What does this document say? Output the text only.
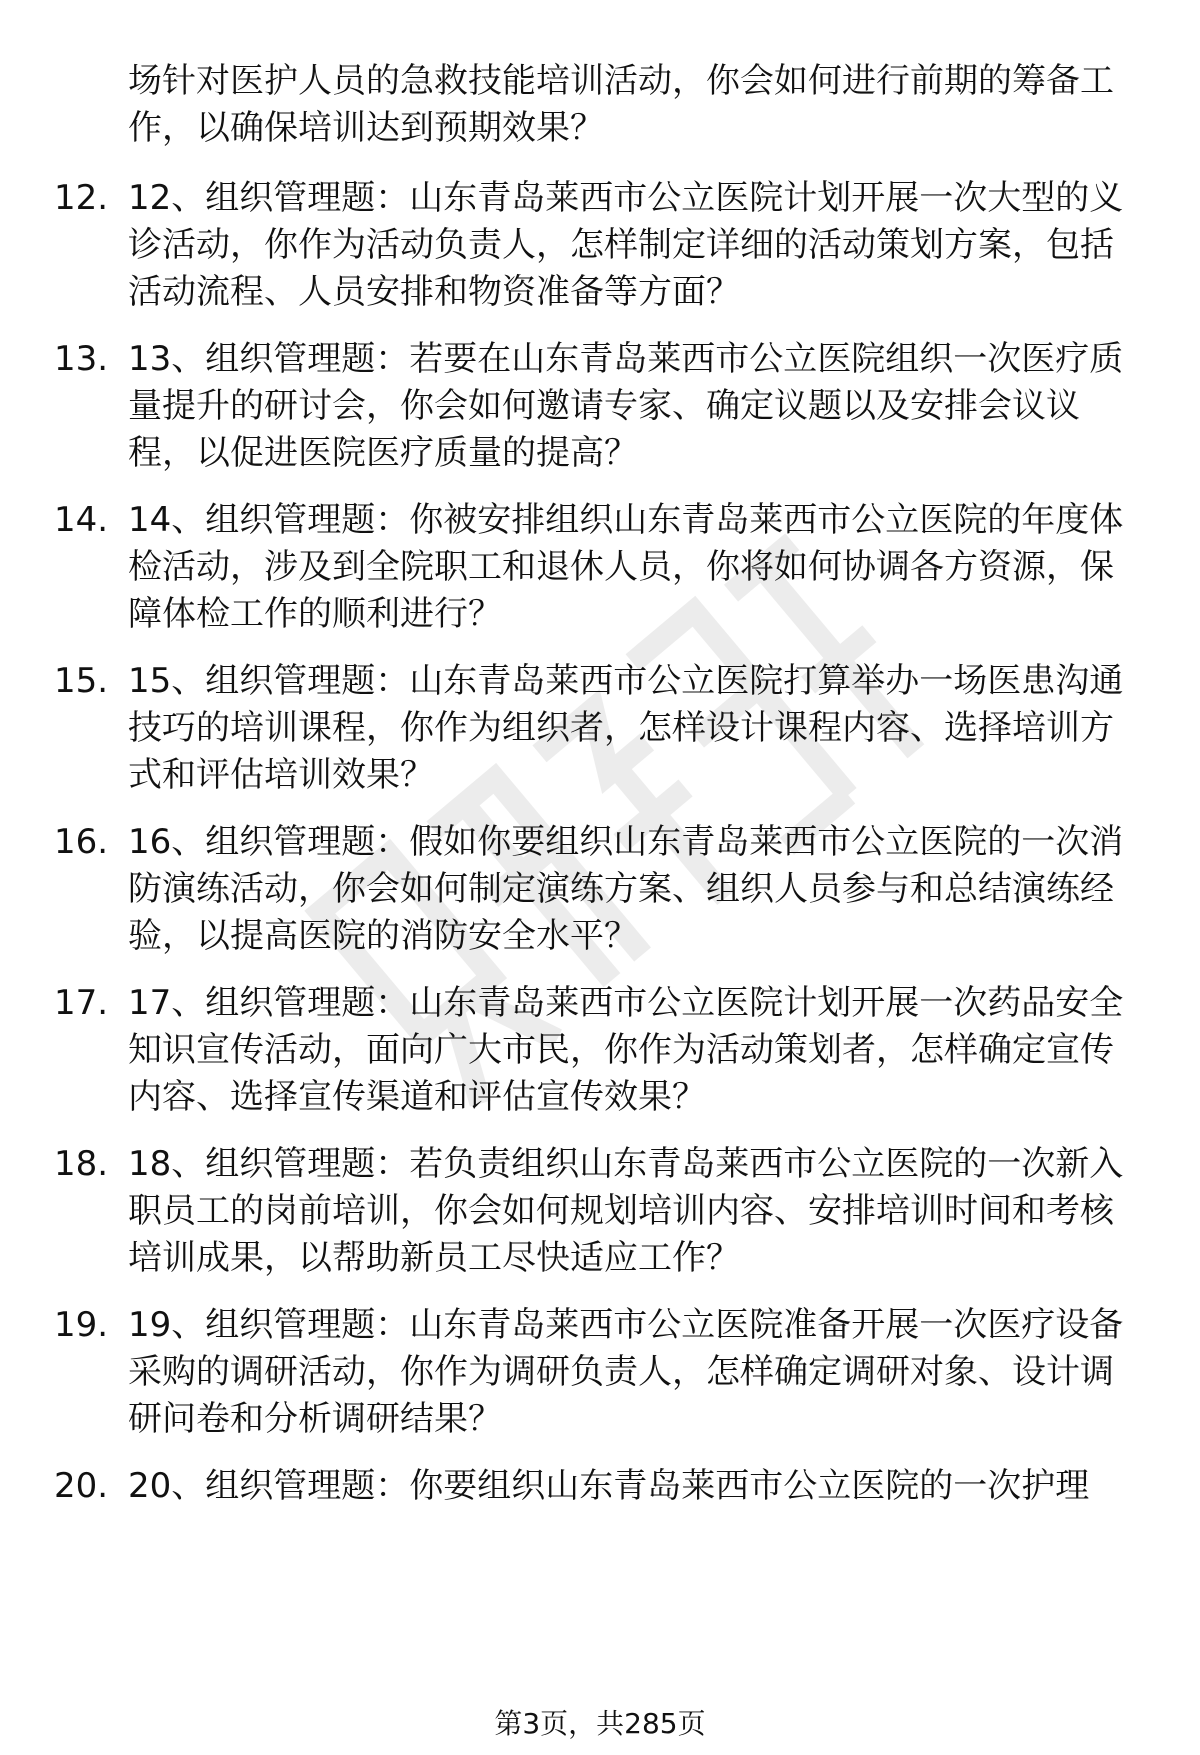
场针对医护人员的急救技能培训活动，你会如何进行前期的筹备工作，以确保培训达到预期效果？

12. 12、组织管理题：山东青岛莱西市公立医院计划开展一次大型的义诊活动，你作为活动负责人，怎样制定详细的活动策划方案，包括活动流程、人员安排和物资准备等方面？

13. 13、组织管理题：若要在山东青岛莱西市公立医院组织一次医疗质量提升的研讨会，你会如何邀请专家、确定议题以及安排会议议程，以促进医院医疗质量的提高？

14. 14、组织管理题：你被安排组织山东青岛莱西市公立医院的年度体检活动，涉及到全院职工和退休人员，你将如何协调各方资源，保障体检工作的顺利进行？

15. 15、组织管理题：山东青岛莱西市公立医院打算举办一场医患沟通技巧的培训课程，你作为组织者，怎样设计课程内容、选择培训方式和评估培训效果？

16. 16、组织管理题：假如你要组织山东青岛莱西市公立医院的一次消防演练活动，你会如何制定演练方案、组织人员参与和总结演练经验，以提高医院的消防安全水平？

17. 17、组织管理题：山东青岛莱西市公立医院计划开展一次药品安全知识宣传活动，面向广大市民，你作为活动策划者，怎样确定宣传内容、选择宣传渠道和评估宣传效果？

18. 18、组织管理题：若负责组织山东青岛莱西市公立医院的一次新入职员工的岗前培训，你会如何规划培训内容、安排培训时间和考核培训成果，以帮助新员工尽快适应工作？

19. 19、组织管理题：山东青岛莱西市公立医院准备开展一次医疗设备采购的调研活动，你作为调研负责人，怎样确定调研对象、设计调研问卷和分析调研结果？

20. 20、组织管理题：你要组织山东青岛莱西市公立医院的一次护理

第3页，共285页
